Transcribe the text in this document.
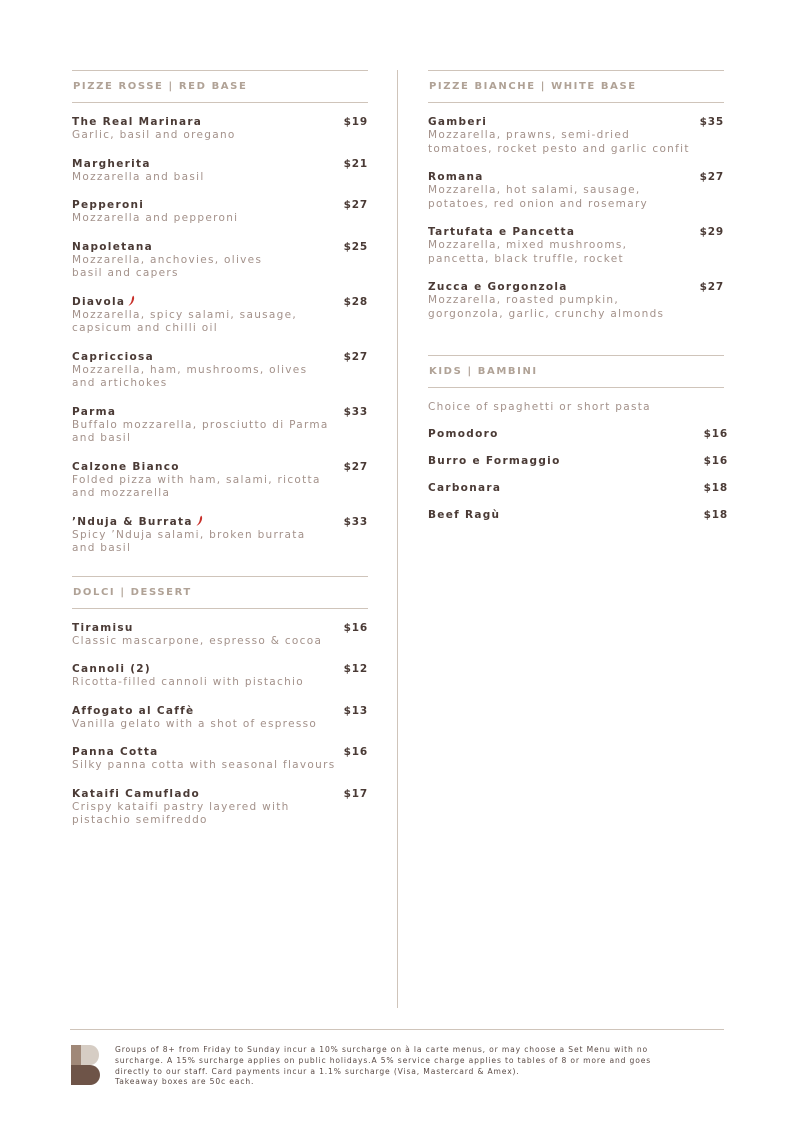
PIZZE ROSSE | RED BASE
The Real Marinara	$19
Garlic, basil and oregano
Margherita	$21
Mozzarella and basil
Pepperoni	$27
Mozzarella and pepperoni
Napoletana	$25
Mozzarella, anchovies, olives
basil and capers
Diavola	$28
Mozzarella, spicy salami, sausage,
capsicum and chilli oil
Capricciosa	$27
Mozzarella, ham, mushrooms, olives
and artichokes
Parma	$33
Buffalo mozzarella, prosciutto di Parma
and basil
Calzone Bianco	$27
Folded pizza with ham, salami, ricotta
and mozzarella
’Nduja & Burrata	$33
Spicy ’Nduja salami, broken burrata
and basil
DOLCI | DESSERT
Tiramisu	$16
Classic mascarpone, espresso & cocoa
Cannoli (2)	$12
Ricotta-filled cannoli with pistachio
Affogato al Caffè	$13
Vanilla gelato with a shot of espresso
Panna Cotta	$16
Silky panna cotta with seasonal flavours
Kataifi Camuflado	$17
Crispy kataifi pastry layered with
pistachio semifreddo
PIZZE BIANCHE | WHITE BASE
Gamberi	$35
Mozzarella, prawns, semi-dried
tomatoes, rocket pesto and garlic confit
Romana	$27
Mozzarella, hot salami, sausage,
potatoes, red onion and rosemary
Tartufata e Pancetta	$29
Mozzarella, mixed mushrooms,
pancetta, black truffle, rocket
Zucca e Gorgonzola	$27
Mozzarella, roasted pumpkin,
gorgonzola, garlic, crunchy almonds
KIDS | BAMBINI
Choice of spaghetti or short pasta
Pomodoro	$16
Burro e Formaggio	$16
Carbonara	$18
Beef Ragù	$18
Groups of 8+ from Friday to Sunday incur a 10% surcharge on à la carte menus, or may choose a Set Menu with no
surcharge. A 15% surcharge applies on public holidays.A 5% service charge applies to tables of 8 or more and goes
directly to our staff. Card payments incur a 1.1% surcharge (Visa, Mastercard & Amex).
Takeaway boxes are 50c each.
